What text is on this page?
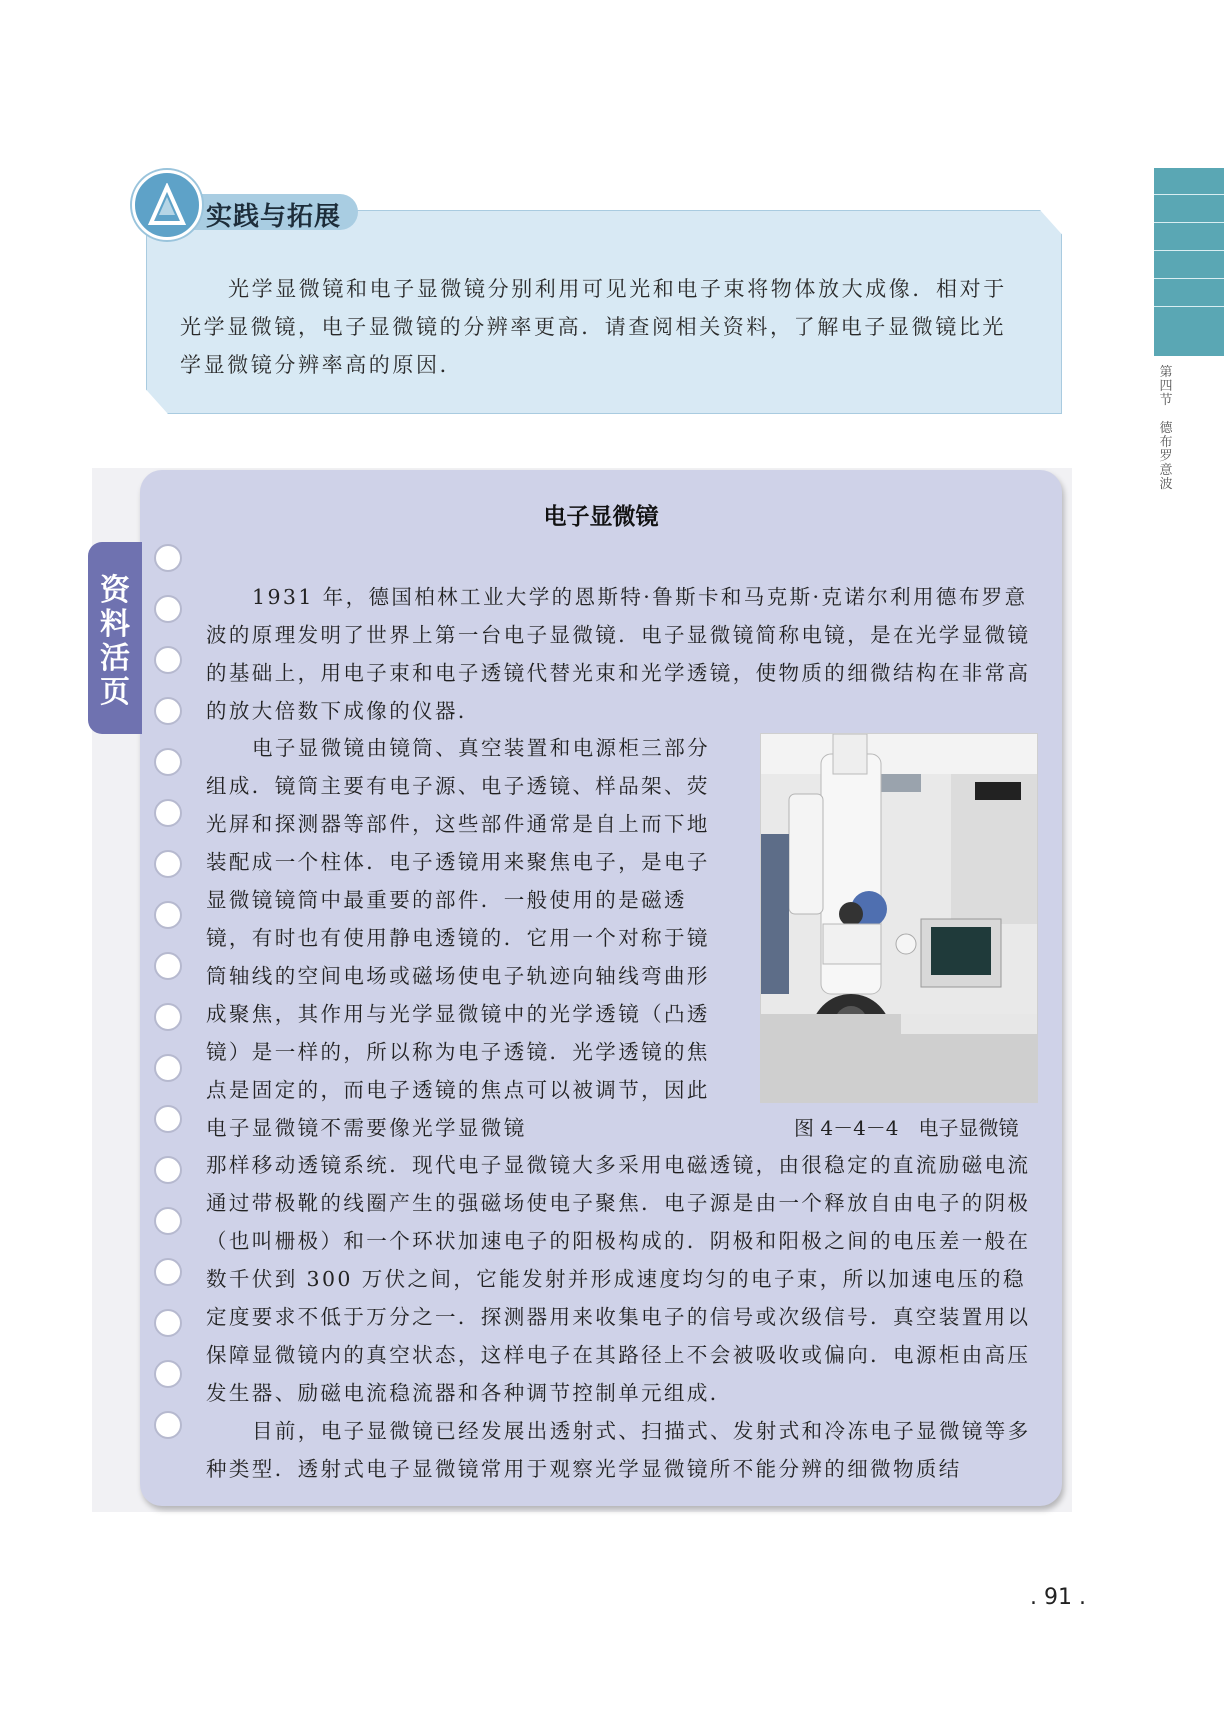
第四节
德布罗意波
实践与拓展

光学显微镜和电子显微镜分别利用可见光和电子束将物体放大成像．相对于光学显微镜，电子显微镜的分辨率更高．请查阅相关资料，了解电子显微镜比光学显微镜分辨率高的原因．

资料活页
电子显微镜

1931 年，德国柏林工业大学的恩斯特·鲁斯卡和马克斯·克诺尔利用德布罗意波的原理发明了世界上第一台电子显微镜．电子显微镜简称电镜，是在光学显微镜的基础上，用电子束和电子透镜代替光束和光学透镜，使物质的细微结构在非常高的放大倍数下成像的仪器．

电子显微镜由镜筒、真空装置和电源柜三部分组成．镜筒主要有电子源、电子透镜、样品架、荧光屏和探测器等部件，这些部件通常是自上而下地装配成一个柱体．电子透镜用来聚焦电子，是电子显微镜镜筒中最重要的部件．一般使用的是磁透镜，有时也有使用静电透镜的．它用一个对称于镜筒轴线的空间电场或磁场使电子轨迹向轴线弯曲形成聚焦，其作用与光学显微镜中的光学透镜（凸透镜）是一样的，所以称为电子透镜．光学透镜的焦点是固定的，而电子透镜的焦点可以被调节，因此电子显微镜不需要像光学显微镜	图 4－4－4　电子显微镜

那样移动透镜系统．现代电子显微镜大多采用电磁透镜，由很稳定的直流励磁电流通过带极靴的线圈产生的强磁场使电子聚焦．电子源是由一个释放自由电子的阴极（也叫栅极）和一个环状加速电子的阳极构成的．阴极和阳极之间的电压差一般在数千伏到 300 万伏之间，它能发射并形成速度均匀的电子束，所以加速电压的稳定度要求不低于万分之一．探测器用来收集电子的信号或次级信号．真空装置用以保障显微镜内的真空状态，这样电子在其路径上不会被吸收或偏向．电源柜由高压发生器、励磁电流稳流器和各种调节控制单元组成．

目前，电子显微镜已经发展出透射式、扫描式、发射式和冷冻电子显微镜等多种类型．透射式电子显微镜常用于观察光学显微镜所不能分辨的细微物质结

. 91 .
